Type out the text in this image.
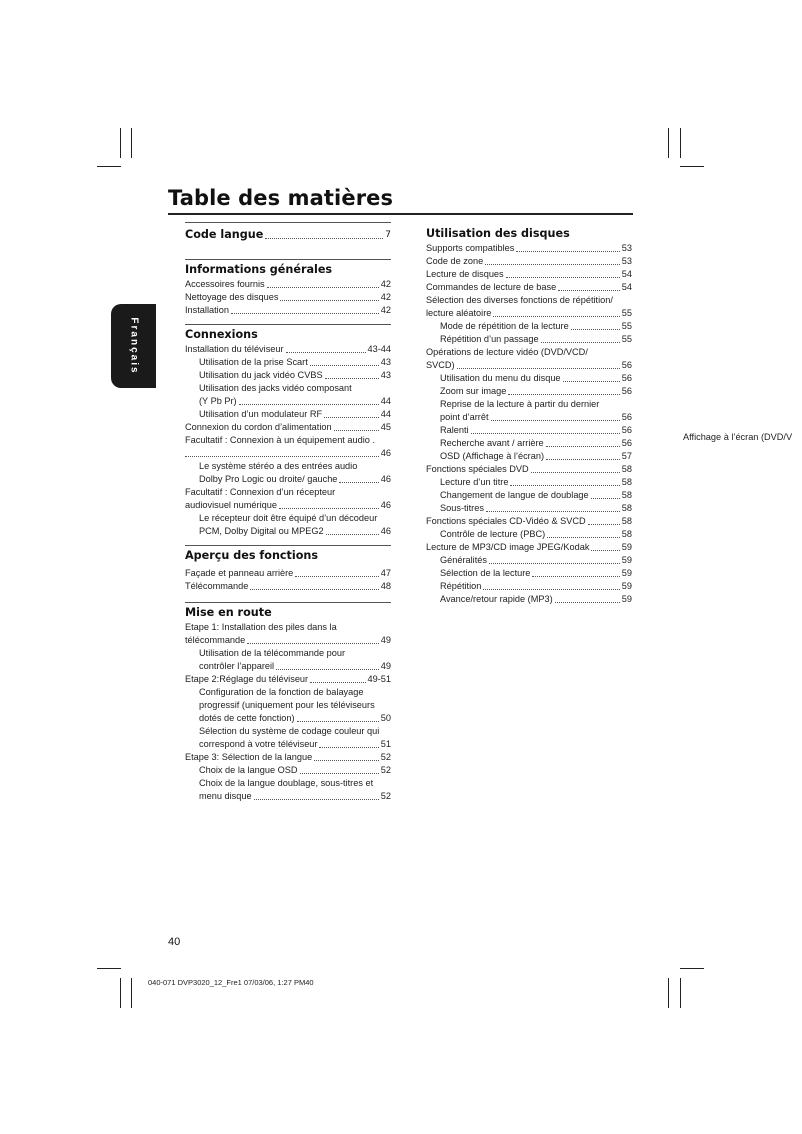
Table des matières
Français
Code langue	7
Informations générales
Accessoires fournis	42
Nettoyage des disques	42
Installation	42
Connexions
Installation du téléviseur	43-44
Utilisation de la prise Scart	43
Utilisation du jack vidéo CVBS	43
Utilisation des jacks vidéo composant
(Y Pb Pr)	44
Utilisation d’un modulateur RF	44
Connexion du cordon d’alimentation	45
Facultatif : Connexion à un équipement audio .
46
Le système stéréo a des entrées audio
Dolby Pro Logic ou droite/ gauche	46
Facultatif : Connexion d’un récepteur
audiovisuel numérique	46
Le récepteur doit être équipé d’un décodeur
PCM, Dolby Digital ou MPEG2	46
Aperçu des fonctions
Façade et panneau arrière	47
Télécommande	48
Mise en route
Etape 1: Installation des piles dans la
télécommande	49
Utilisation de la télécommande pour
contrôler l’appareil	49
Etape 2:Réglage du téléviseur	49-51
Configuration de la fonction de balayage
progressif (uniquement pour les téléviseurs
dotés de cette fonction)	50
Sélection du système de codage couleur qui
correspond à votre téléviseur	51
Etape 3: Sélection de la langue	52
Choix de la langue OSD	52
Choix de la langue doublage, sous-titres et
menu disque	52
Utilisation des disques
Supports compatibles	53
Code de zone	53
Lecture de disques	54
Commandes de lecture de base	54
Sélection des diverses fonctions de répétition/
lecture aléatoire	55
Mode de répétition de la lecture	55
Répétition d’un passage	55
Opérations de lecture vidéo (DVD/VCD/
SVCD)	56
Utilisation du menu du disque	56
Zoom sur image	56
Reprise de la lecture à partir du dernier
point d’arrêt	56
Ralenti	56
Recherche avant / arrière	56
OSD (Affichage à l’écran)	57
Fonctions spéciales DVD	58
Lecture d’un titre	58
Changement de langue de doublage	58
Sous-titres	58
Fonctions spéciales CD-Vidéo & SVCD	58
Contrôle de lecture (PBC)	58
Lecture de MP3/CD image JPEG/Kodak	59
Généralités	59
Sélection de la lecture	59
Répétition	59
Avance/retour rapide (MP3)	59
Affichage à l’écran (DVD/V
40
040-071 DVP3020_12_Fre1 07/03/06, 1:27 PM40
